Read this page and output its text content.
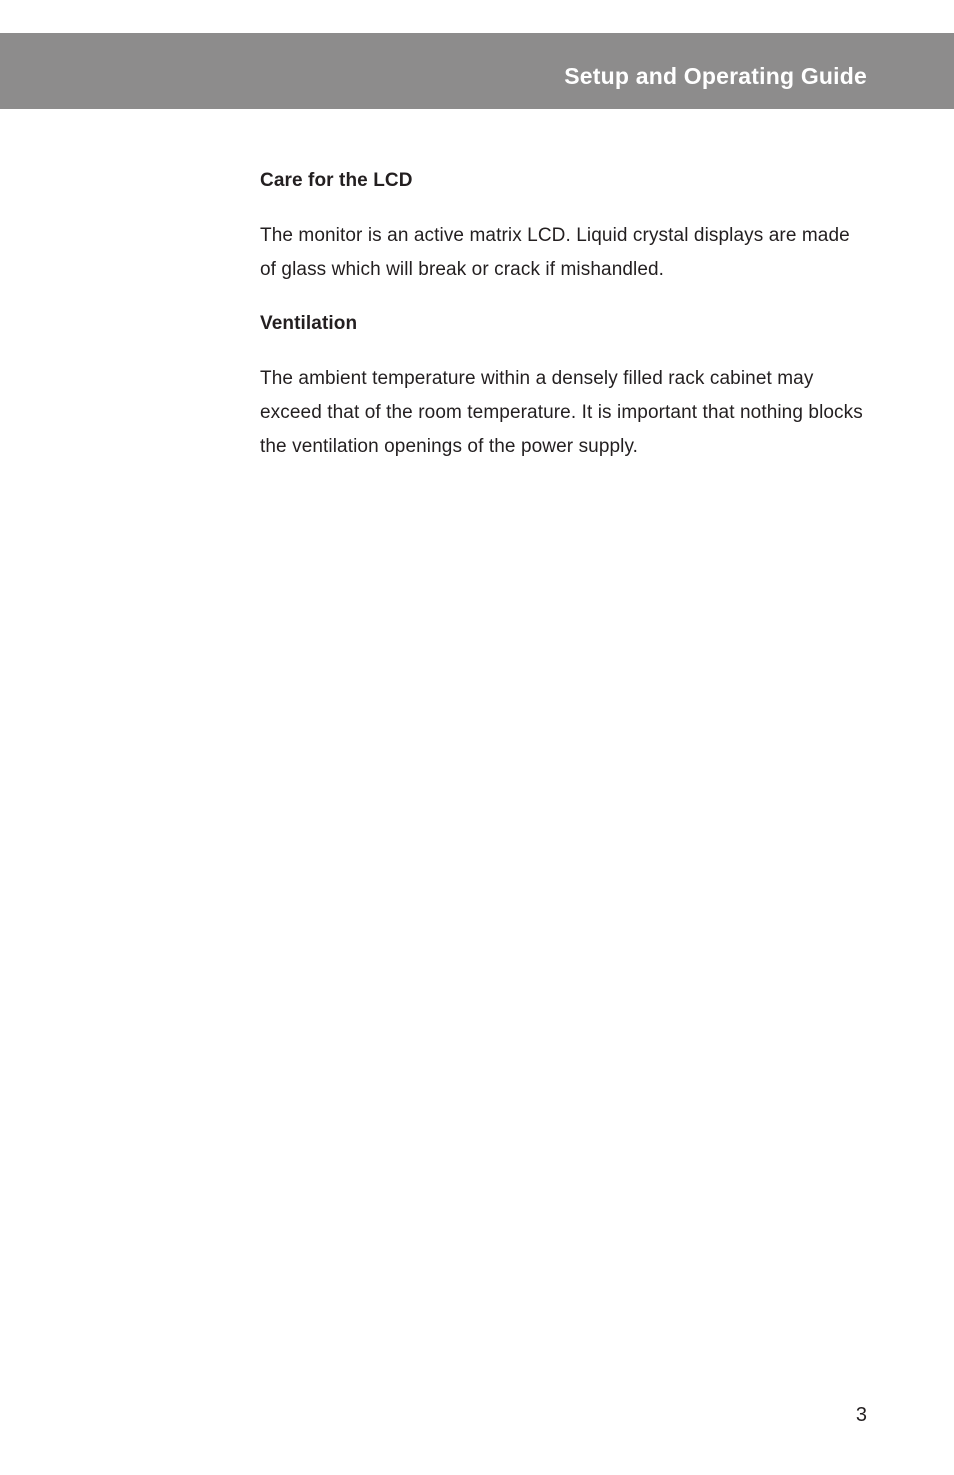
Setup and Operating Guide
Care for the LCD

The monitor is an active matrix LCD. Liquid crystal displays are made of glass which will break or crack if mishandled.

Ventilation

The ambient temperature within a densely filled rack cabinet may exceed that of the room temperature. It is important that nothing blocks the ventilation openings of the power supply.

3
